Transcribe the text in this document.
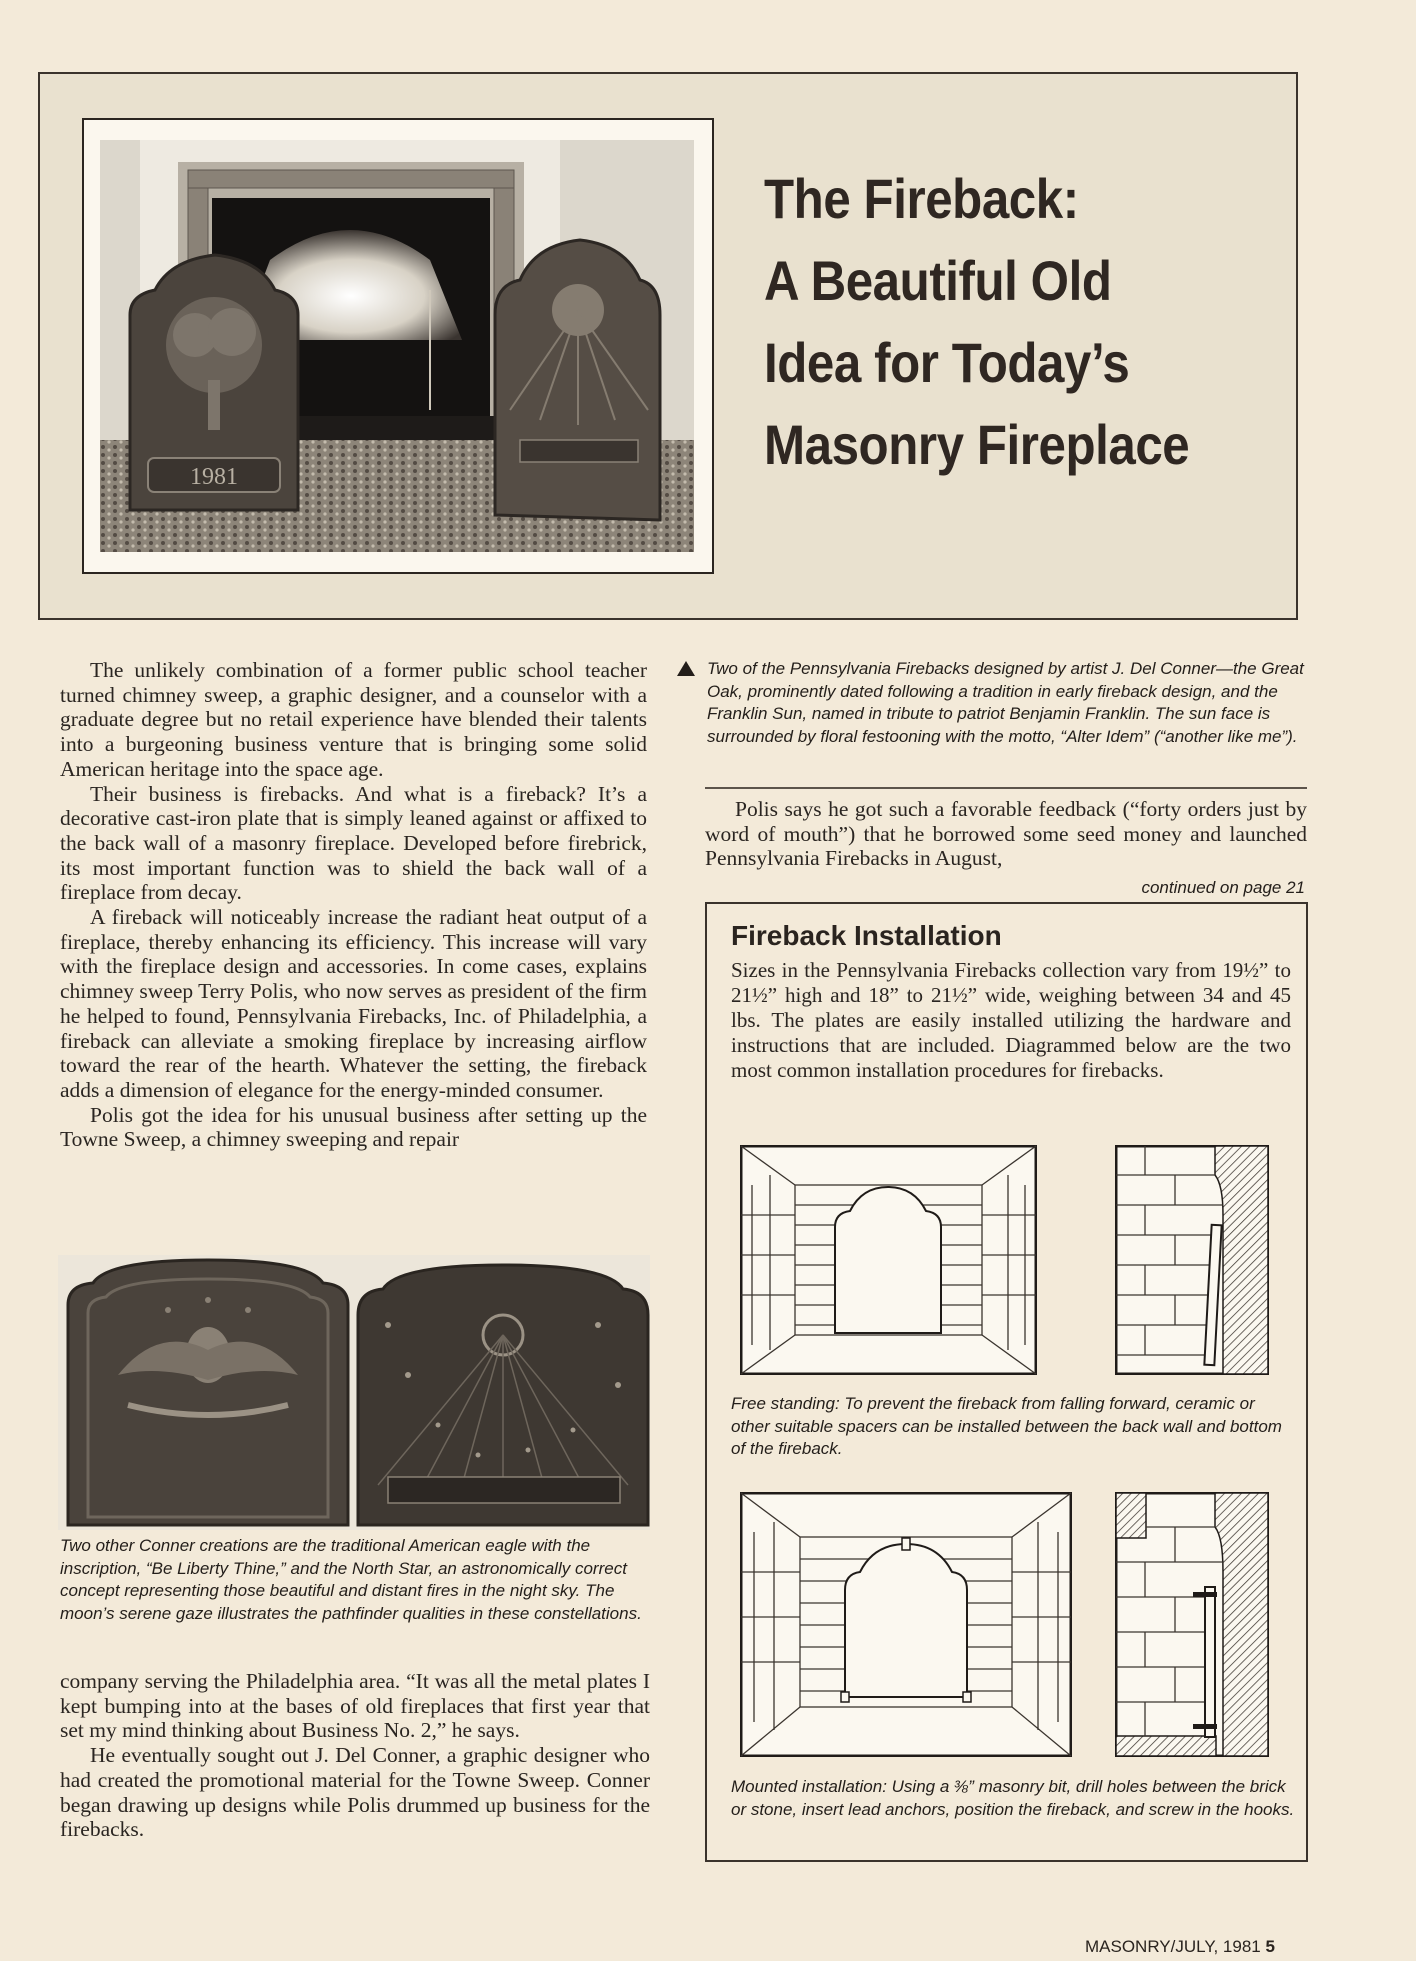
1981
The Fireback:
A Beautiful Old
Idea for Today’s
Masonry Fireplace

The unlikely combination of a former public school teacher turned chimney sweep, a graphic designer, and a counselor with a graduate degree but no retail experience have blended their talents into a burgeoning business venture that is bringing some solid American heritage into the space age.

Their business is firebacks. And what is a fireback? It’s a decorative cast-iron plate that is simply leaned against or affixed to the back wall of a masonry fireplace. Developed before firebrick, its most important function was to shield the back wall of a fireplace from decay.

A fireback will noticeably increase the radiant heat output of a fireplace, thereby enhancing its efficiency. This increase will vary with the fireplace design and accessories. In come cases, explains chimney sweep Terry Polis, who now serves as president of the firm he helped to found, Pennsylvania Firebacks, Inc. of Philadelphia, a fireback can alleviate a smoking fireplace by increasing airflow toward the rear of the hearth. Whatever the setting, the fireback adds a dimension of elegance for the energy-minded consumer.

Polis got the idea for his unusual business after setting up the Towne Sweep, a chimney sweeping and repair

Two other Conner creations are the traditional American eagle with the inscription, “Be Liberty Thine,” and the North Star, an astronomically correct concept representing those beautiful and distant fires in the night sky. The moon’s serene gaze illustrates the pathfinder qualities in these constellations.

company serving the Philadelphia area. “It was all the metal plates I kept bumping into at the bases of old fireplaces that first year that set my mind thinking about Business No. 2,” he says.

He eventually sought out J. Del Conner, a graphic designer who had created the promotional material for the Towne Sweep. Conner began drawing up designs while Polis drummed up business for the firebacks.

Two of the Pennsylvania Firebacks designed by artist J. Del Conner—the Great Oak, prominently dated following a tradition in early fireback design, and the Franklin Sun, named in tribute to patriot Benjamin Franklin. The sun face is surrounded by floral festooning with the motto, “Alter Idem” (“another like me”).

Polis says he got such a favorable feedback (“forty orders just by word of mouth”) that he borrowed some seed money and launched Pennsylvania Firebacks in August,

continued on page 21
Fireback Installation
Sizes in the Pennsylvania Firebacks collection vary from 19½” to 21½” high and 18” to 21½” wide, weighing between 34 and 45 lbs. The plates are easily installed utilizing the hardware and instructions that are included. Diagrammed below are the two most common installation procedures for firebacks.
Free standing: To prevent the fireback from falling forward, ceramic or other suitable spacers can be installed between the back wall and bottom of the fireback.
Mounted installation: Using a ⅜” masonry bit, drill holes between the brick or stone, insert lead anchors, position the fireback, and screw in the hooks.
MASONRY/JULY, 1981 5
